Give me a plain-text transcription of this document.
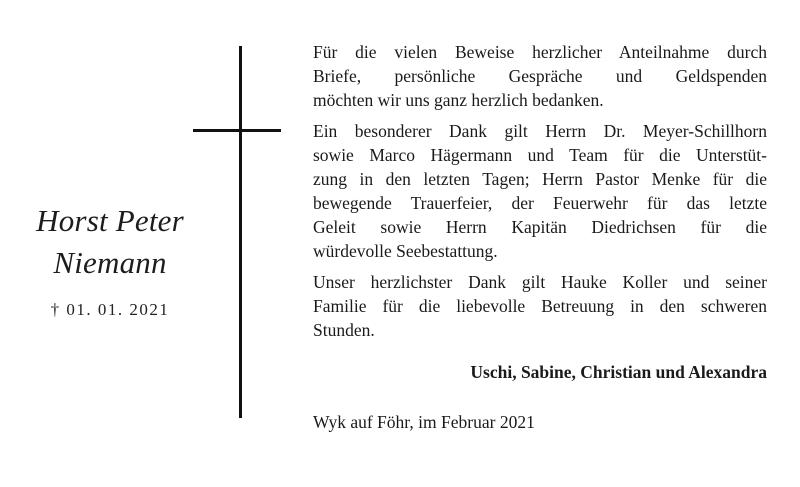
Horst Peter
Niemann
† 01. 01. 2021
Für die vielen Beweise herzlicher Anteilnahme durch
Briefe, persönliche Gespräche und Geldspenden
möchten wir uns ganz herzlich bedanken.
Ein besonderer Dank gilt Herrn Dr. Meyer-Schillhorn
sowie Marco Hägermann und Team für die Unterstüt-
zung in den letzten Tagen; Herrn Pastor Menke für die
bewegende Trauerfeier, der Feuerwehr für das letzte
Geleit sowie Herrn Kapitän Diedrichsen für die
würdevolle Seebestattung.
Unser herzlichster Dank gilt Hauke Koller und seiner
Familie für die liebevolle Betreuung in den schweren
Stunden.
Uschi, Sabine, Christian und Alexandra
Wyk auf Föhr, im Februar 2021
